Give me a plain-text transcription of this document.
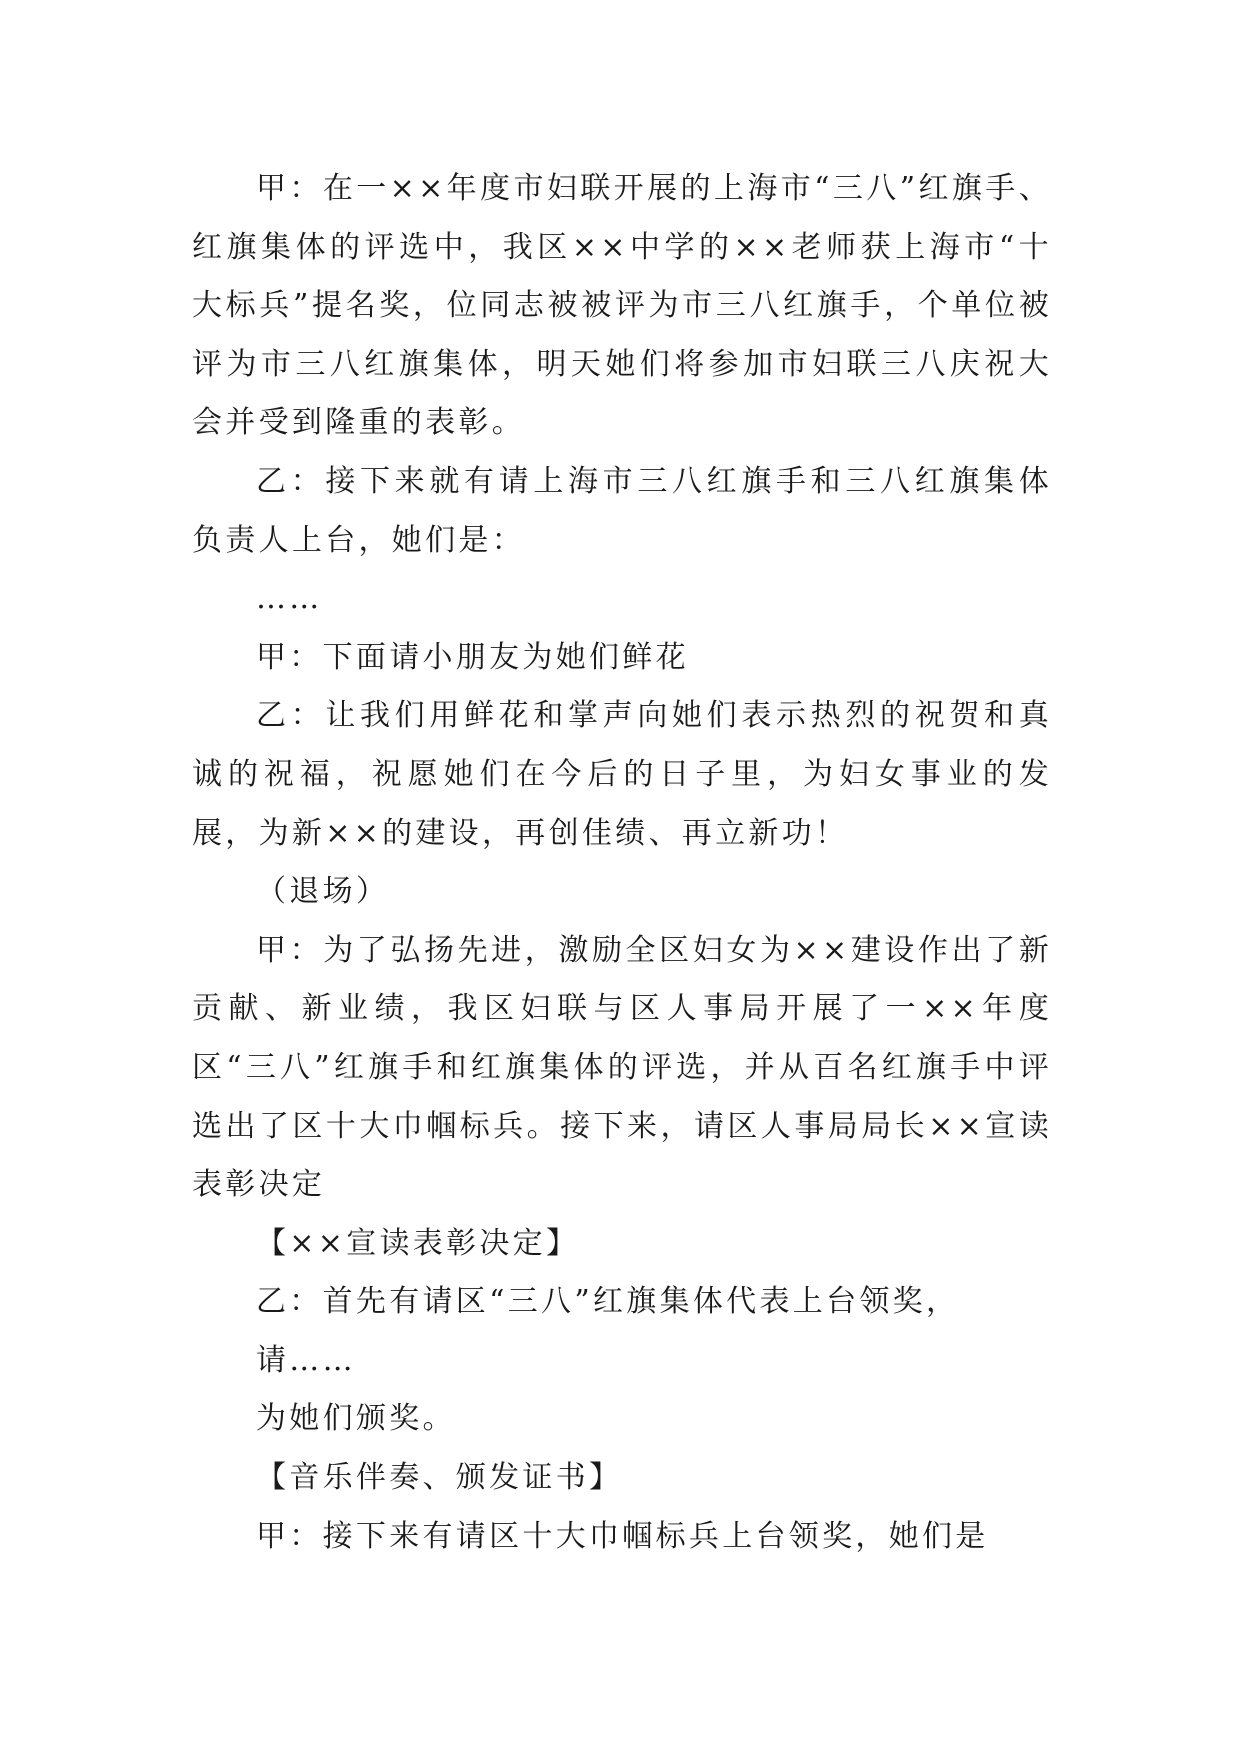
甲：在一××年度市妇联开展的上海市“三八”红旗手、红旗集体的评选中，我区××中学的××老师获上海市“十大标兵”提名奖，位同志被被评为市三八红旗手，个单位被评为市三八红旗集体，明天她们将参加市妇联三八庆祝大会并受到隆重的表彰。

乙：接下来就有请上海市三八红旗手和三八红旗集体负责人上台，她们是：

……

甲：下面请小朋友为她们鲜花

乙：让我们用鲜花和掌声向她们表示热烈的祝贺和真诚的祝福，祝愿她们在今后的日子里，为妇女事业的发展，为新××的建设，再创佳绩、再立新功！

（退场）

甲：为了弘扬先进，激励全区妇女为××建设作出了新贡献、新业绩，我区妇联与区人事局开展了一××年度区“三八”红旗手和红旗集体的评选，并从百名红旗手中评选出了区十大巾帼标兵。接下来，请区人事局局长××宣读表彰决定

【××宣读表彰决定】

乙：首先有请区“三八”红旗集体代表上台领奖，

请……

为她们颁奖。

【音乐伴奏、颁发证书】

甲：接下来有请区十大巾帼标兵上台领奖，她们是
